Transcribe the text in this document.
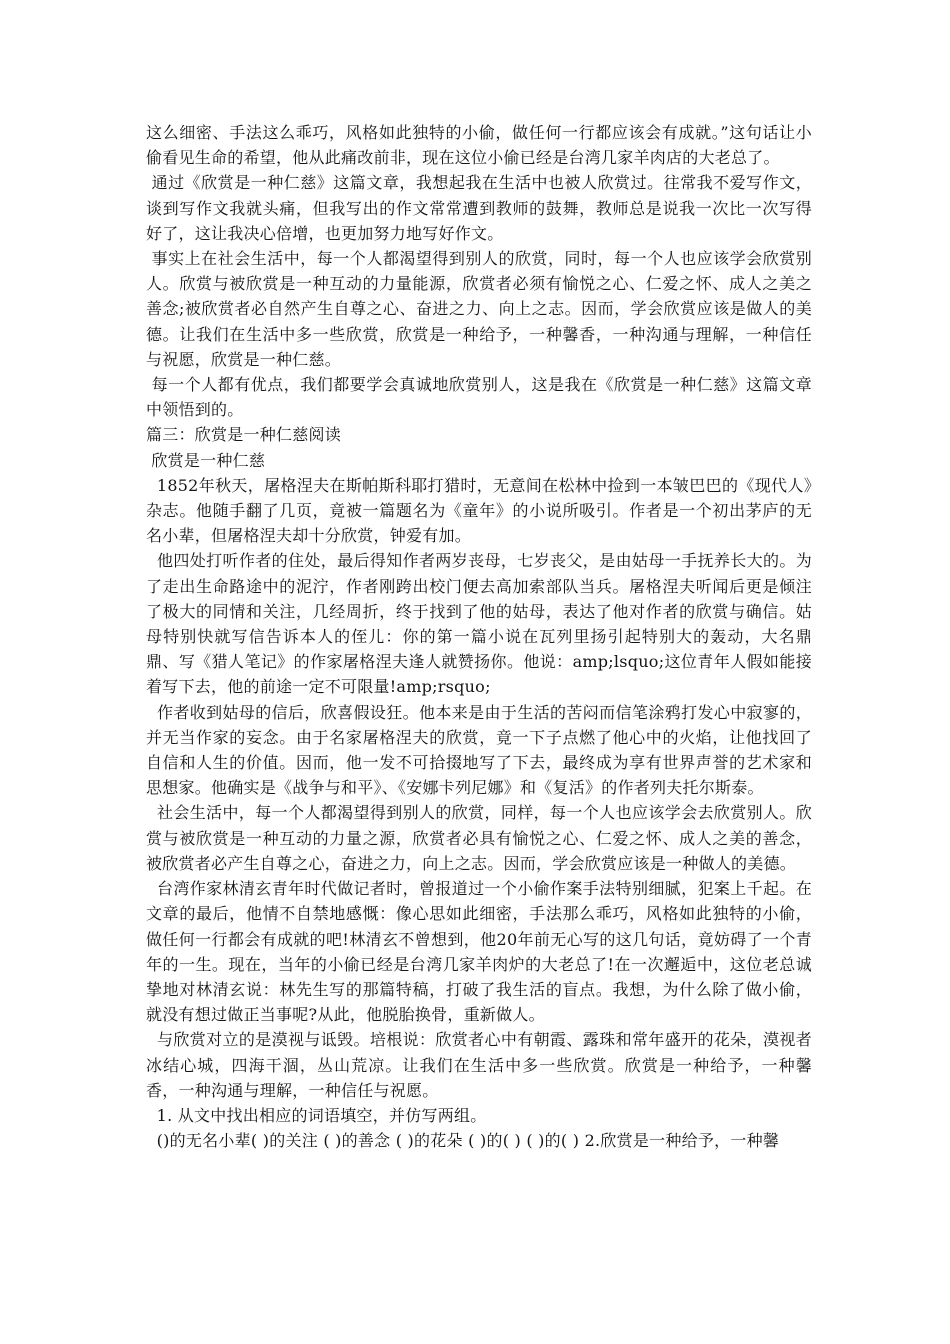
这么细密、手法这么乖巧，风格如此独特的小偷，做任何一行都应该会有成就。”这句话让小偷看见生命的希望，他从此痛改前非，现在这位小偷已经是台湾几家羊肉店的大老总了。

通过《欣赏是一种仁慈》这篇文章，我想起我在生活中也被人欣赏过。往常我不爱写作文，谈到写作文我就头痛，但我写出的作文常常遭到教师的鼓舞，教师总是说我一次比一次写得好了，这让我决心倍增，也更加努力地写好作文。

事实上在社会生活中，每一个人都渴望得到别人的欣赏，同时，每一个人也应该学会欣赏别人。欣赏与被欣赏是一种互动的力量能源，欣赏者必须有愉悦之心、仁爱之怀、成人之美之善念;被欣赏者必自然产生自尊之心、奋进之力、向上之志。因而，学会欣赏应该是做人的美德。让我们在生活中多一些欣赏，欣赏是一种给予，一种馨香，一种沟通与理解，一种信任与祝愿，欣赏是一种仁慈。

每一个人都有优点，我们都要学会真诚地欣赏别人，这是我在《欣赏是一种仁慈》这篇文章中领悟到的。

篇三：欣赏是一种仁慈阅读

欣赏是一种仁慈

1852年秋天，屠格涅夫在斯帕斯科耶打猎时，无意间在松林中捡到一本皱巴巴的《现代人》杂志。他随手翻了几页，竟被一篇题名为《童年》的小说所吸引。作者是一个初出茅庐的无名小辈，但屠格涅夫却十分欣赏，钟爱有加。

他四处打听作者的住处，最后得知作者两岁丧母，七岁丧父，是由姑母一手抚养长大的。为了走出生命路途中的泥泞，作者刚跨出校门便去高加索部队当兵。屠格涅夫听闻后更是倾注了极大的同情和关注，几经周折，终于找到了他的姑母，表达了他对作者的欣赏与确信。姑母特别快就写信告诉本人的侄儿：你的第一篇小说在瓦列里扬引起特别大的轰动，大名鼎鼎、写《猎人笔记》的作家屠格涅夫逢人就赞扬你。他说：amp;lsquo;这位青年人假如能接着写下去，他的前途一定不可限量!amp;rsquo;

作者收到姑母的信后，欣喜假设狂。他本来是由于生活的苦闷而信笔涂鸦打发心中寂寥的，并无当作家的妄念。由于名家屠格涅夫的欣赏，竟一下子点燃了他心中的火焰，让他找回了自信和人生的价值。因而，他一发不可拾掇地写了下去，最终成为享有世界声誉的艺术家和思想家。他确实是《战争与和平》、《安娜卡列尼娜》和《复活》的作者列夫托尔斯泰。

社会生活中，每一个人都渴望得到别人的欣赏，同样，每一个人也应该学会去欣赏别人。欣赏与被欣赏是一种互动的力量之源，欣赏者必具有愉悦之心、仁爱之怀、成人之美的善念，被欣赏者必产生自尊之心，奋进之力，向上之志。因而，学会欣赏应该是一种做人的美德。

台湾作家林清玄青年时代做记者时，曾报道过一个小偷作案手法特别细腻，犯案上千起。在文章的最后，他情不自禁地感慨：像心思如此细密，手法那么乖巧，风格如此独特的小偷，做任何一行都会有成就的吧!林清玄不曾想到，他20年前无心写的这几句话，竟妨碍了一个青年的一生。现在，当年的小偷已经是台湾几家羊肉炉的大老总了!在一次邂逅中，这位老总诚挚地对林清玄说：林先生写的那篇特稿，打破了我生活的盲点。我想，为什么除了做小偷，就没有想过做正当事呢?从此，他脱胎换骨，重新做人。

与欣赏对立的是漠视与诋毁。培根说：欣赏者心中有朝霞、露珠和常年盛开的花朵，漠视者冰结心城，四海干涸，丛山荒凉。让我们在生活中多一些欣赏。欣赏是一种给予，一种馨香，一种沟通与理解，一种信任与祝愿。

1. 从文中找出相应的词语填空，并仿写两组。

()的无名小辈( )的关注 ( )的善念 ( )的花朵 ( )的( ) ( )的( ) 2.欣赏是一种给予，一种馨
